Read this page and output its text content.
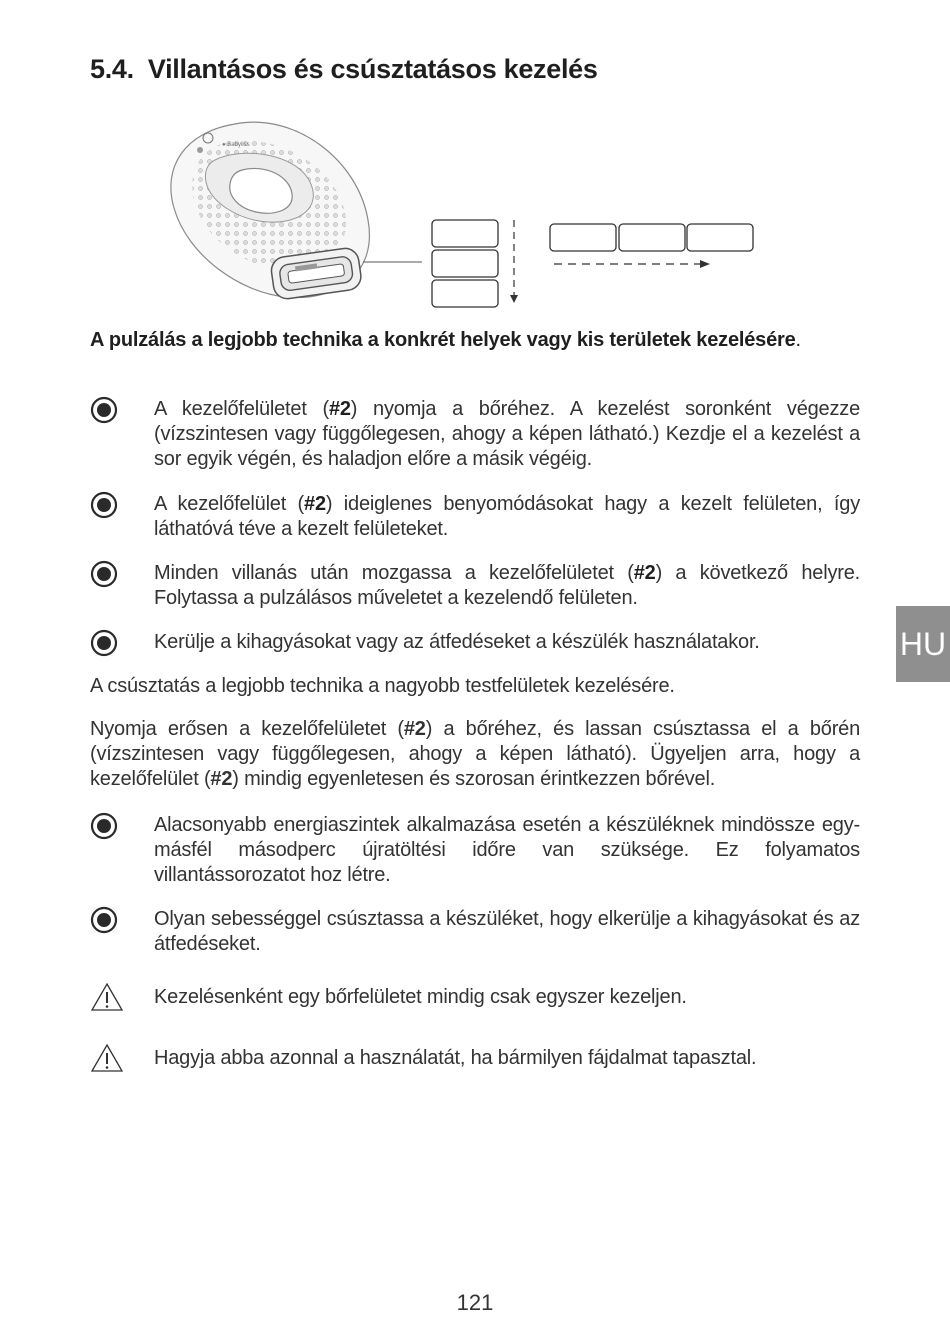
5.4. Villantásos és csúsztatásos kezelés
● Babyliss
A pulzálás a legjobb technika a konkrét helyek vagy kis területek kezelésére.
A kezelőfelületet (#2) nyomja a bőréhez. A kezelést soronként végezze (vízszintesen vagy függőlegesen, ahogy a képen látható.) Kezdje el a kezelést a sor egyik végén, és haladjon előre a másik végéig.
A kezelőfelület (#2) ideiglenes benyomódásokat hagy a kezelt felületen, így láthatóvá téve a kezelt felületeket.
Minden villanás után mozgassa a kezelőfelületet (#2) a következő helyre. Folytassa a pulzálásos műveletet a kezelendő felületen.
Kerülje a kihagyásokat vagy az átfedéseket a készülék használatakor.
A csúsztatás a legjobb technika a nagyobb testfelületek kezelésére.
Nyomja erősen a kezelőfelületet (#2) a bőréhez, és lassan csúsztassa el a bőrén (vízszintesen vagy függőlegesen, ahogy a képen látható). Ügyeljen arra, hogy a kezelőfelület (#2) mindig egyenletesen és szorosan érintkezzen bőrével.
Alacsonyabb energiaszintek alkalmazása esetén a készüléknek mindössze egy-másfél másodperc újratöltési időre van szüksége. Ez folyamatos villantássorozatot hoz létre.
Olyan sebességgel csúsztassa a készüléket, hogy elkerülje a kihagyásokat és az átfedéseket.
Kezelésenként egy bőrfelületet mindig csak egyszer kezeljen.
Hagyja abba azonnal a használatát, ha bármilyen fájdalmat tapasztal.
HU
121
